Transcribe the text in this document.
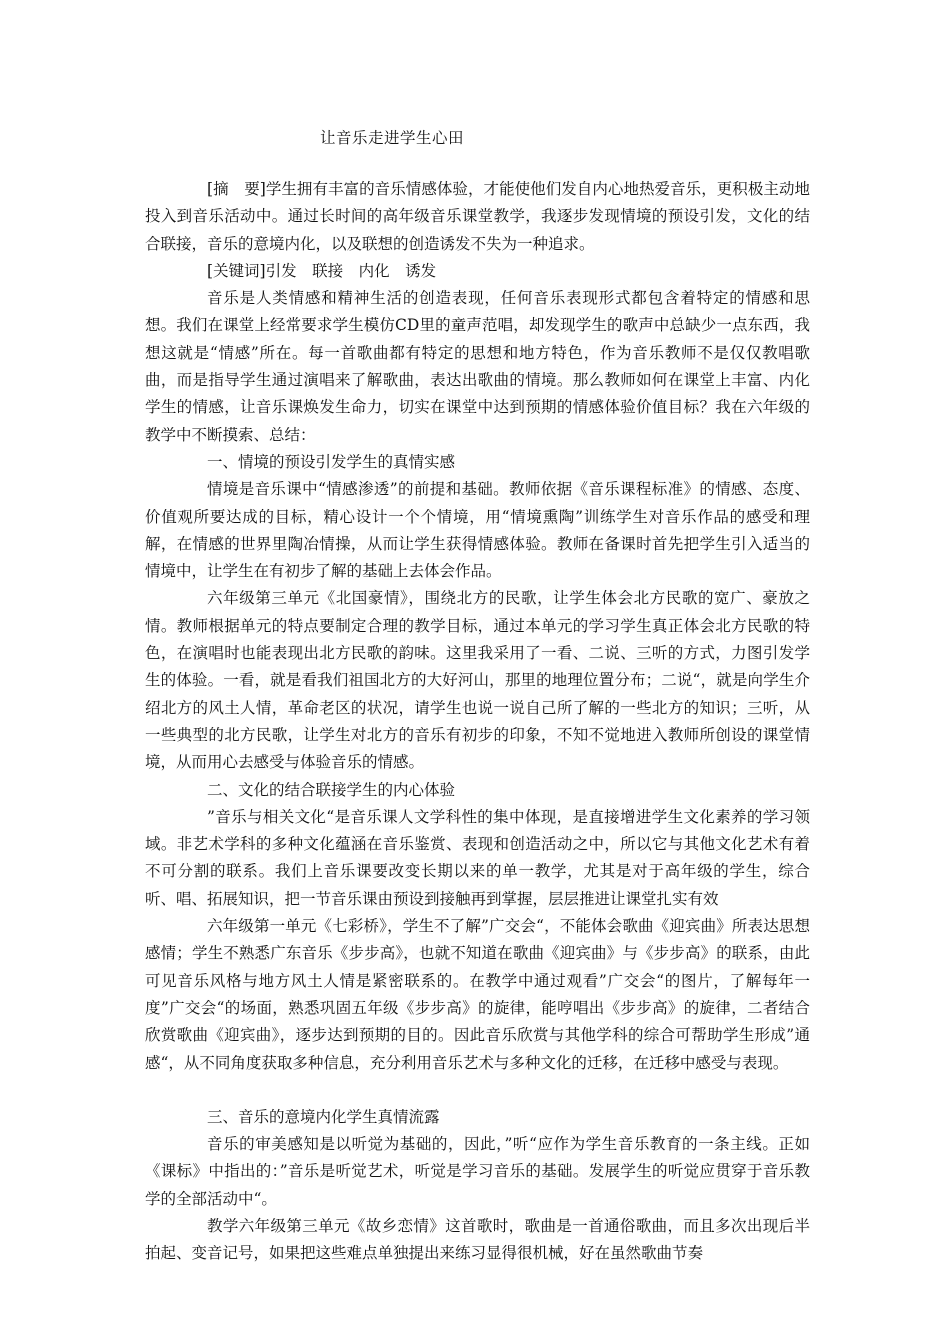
让音乐走进学生心田

[摘　要]学生拥有丰富的音乐情感体验，才能使他们发自内心地热爱音乐，更积极主动地投入到音乐活动中。通过长时间的高年级音乐课堂教学，我逐步发现情境的预设引发，文化的结合联接，音乐的意境内化，以及联想的创造诱发不失为一种追求。

[关键词]引发　联接　内化　诱发

音乐是人类情感和精神生活的创造表现，任何音乐表现形式都包含着特定的情感和思想。我们在课堂上经常要求学生模仿CD里的童声范唱，却发现学生的歌声中总缺少一点东西，我想这就是“情感”所在。每一首歌曲都有特定的思想和地方特色，作为音乐教师不是仅仅教唱歌曲，而是指导学生通过演唱来了解歌曲，表达出歌曲的情境。那么教师如何在课堂上丰富、内化学生的情感，让音乐课焕发生命力，切实在课堂中达到预期的情感体验价值目标？我在六年级的教学中不断摸索、总结：

一、情境的预设引发学生的真情实感

情境是音乐课中“情感渗透”的前提和基础。教师依据《音乐课程标准》的情感、态度、价值观所要达成的目标，精心设计一个个情境，用“情境熏陶”训练学生对音乐作品的感受和理解，在情感的世界里陶冶情操，从而让学生获得情感体验。教师在备课时首先把学生引入适当的情境中，让学生在有初步了解的基础上去体会作品。

六年级第三单元《北国豪情》，围绕北方的民歌，让学生体会北方民歌的宽广、豪放之情。教师根据单元的特点要制定合理的教学目标，通过本单元的学习学生真正体会北方民歌的特色，在演唱时也能表现出北方民歌的韵味。这里我采用了一看、二说、三听的方式，力图引发学生的体验。一看，就是看我们祖国北方的大好河山，那里的地理位置分布；二说“，就是向学生介绍北方的风土人情，革命老区的状况，请学生也说一说自己所了解的一些北方的知识；三听，从一些典型的北方民歌，让学生对北方的音乐有初步的印象，不知不觉地进入教师所创设的课堂情境，从而用心去感受与体验音乐的情感。

二、文化的结合联接学生的内心体验

”音乐与相关文化“是音乐课人文学科性的集中体现，是直接增进学生文化素养的学习领域。非艺术学科的多种文化蕴涵在音乐鉴赏、表现和创造活动之中，所以它与其他文化艺术有着不可分割的联系。我们上音乐课要改变长期以来的单一教学，尤其是对于高年级的学生，综合听、唱、拓展知识，把一节音乐课由预设到接触再到掌握，层层推进让课堂扎实有效

六年级第一单元《七彩桥》，学生不了解”广交会“，不能体会歌曲《迎宾曲》所表达思想感情；学生不熟悉广东音乐《步步高》，也就不知道在歌曲《迎宾曲》与《步步高》的联系，由此可见音乐风格与地方风土人情是紧密联系的。在教学中通过观看”广交会“的图片，了解每年一度”广交会“的场面，熟悉巩固五年级《步步高》的旋律，能哼唱出《步步高》的旋律，二者结合欣赏歌曲《迎宾曲》，逐步达到预期的目的。因此音乐欣赏与其他学科的综合可帮助学生形成”通感“，从不同角度获取多种信息，充分利用音乐艺术与多种文化的迁移，在迁移中感受与表现。

三、音乐的意境内化学生真情流露

音乐的审美感知是以听觉为基础的，因此，”听“应作为学生音乐教育的一条主线。正如《课标》中指出的：”音乐是听觉艺术，听觉是学习音乐的基础。发展学生的听觉应贯穿于音乐教学的全部活动中“。

教学六年级第三单元《故乡恋情》这首歌时，歌曲是一首通俗歌曲，而且多次出现后半拍起、变音记号，如果把这些难点单独提出来练习显得很机械，好在虽然歌曲节奏
